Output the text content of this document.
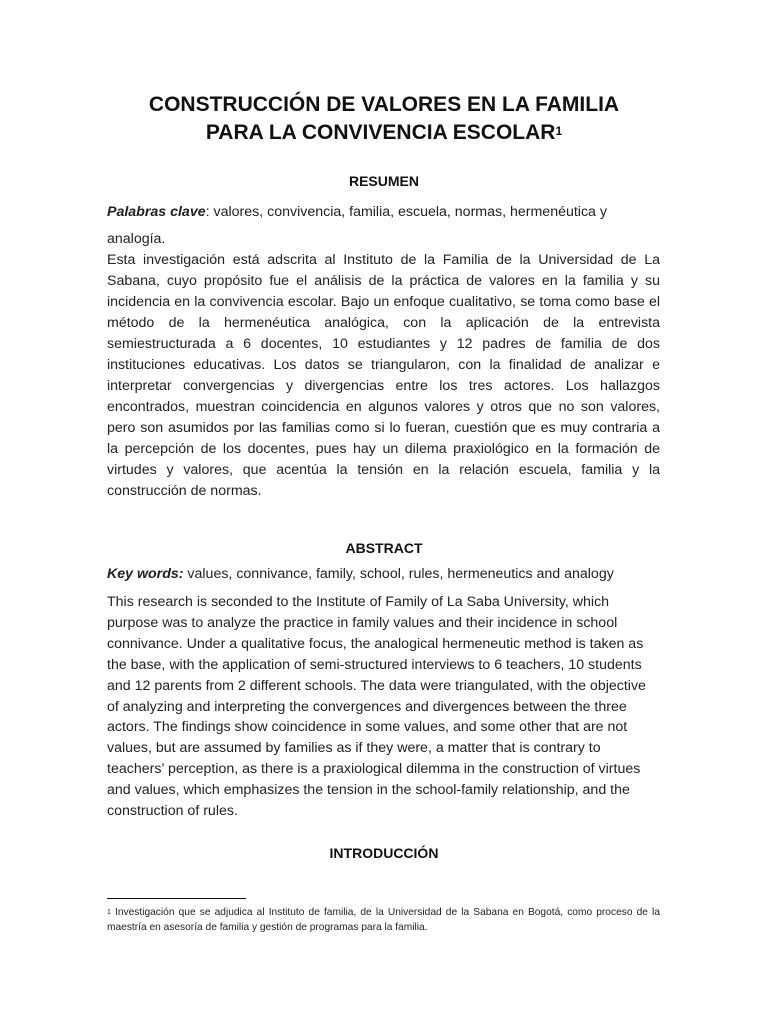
CONSTRUCCIÓN DE VALORES EN LA FAMILIA
PARA LA CONVIVENCIA ESCOLAR$^1$
RESUMEN
Palabras clave: valores, convivencia, familia, escuela, normas, hermenéutica y analogía.
Esta investigación está adscrita al Instituto de la Familia de la Universidad de La Sabana, cuyo propósito fue el análisis de la práctica de valores en la familia y su incidencia en la convivencia escolar. Bajo un enfoque cualitativo, se toma como base el método de la hermenéutica analógica, con la aplicación de la entrevista semiestructurada a 6 docentes, 10 estudiantes y 12 padres de familia de dos instituciones educativas. Los datos se triangularon, con la finalidad de analizar e interpretar convergencias y divergencias entre los tres actores. Los hallazgos encontrados, muestran coincidencia en algunos valores y otros que no son valores, pero son asumidos por las familias como si lo fueran, cuestión que es muy contraria a la percepción de los docentes, pues hay un dilema praxiológico en la formación de virtudes y valores, que acentúa la tensión en la relación escuela, familia y la construcción de normas.
ABSTRACT
Key words: values, connivance, family, school, rules, hermeneutics and analogy
This research is seconded to the Institute of Family of La Saba University, which purpose was to analyze the practice in family values and their incidence in school connivance. Under a qualitative focus, the analogical hermeneutic method is taken as the base, with the application of semi-structured interviews to 6 teachers, 10 students and 12 parents from 2 different schools. The data were triangulated, with the objective of analyzing and interpreting the convergences and divergences between the three actors. The findings show coincidence in some values, and some other that are not values, but are assumed by families as if they were, a matter that is contrary to teachers’ perception, as there is a praxiological dilemma in the construction of virtues and values, which emphasizes the tension in the school-family relationship, and the construction of rules.
INTRODUCCIÓN
$^1$ Investigación que se adjudica al Instituto de familia, de la Universidad de la Sabana en Bogotá, como proceso de la maestría en asesoría de familia y gestión de programas para la familia.
